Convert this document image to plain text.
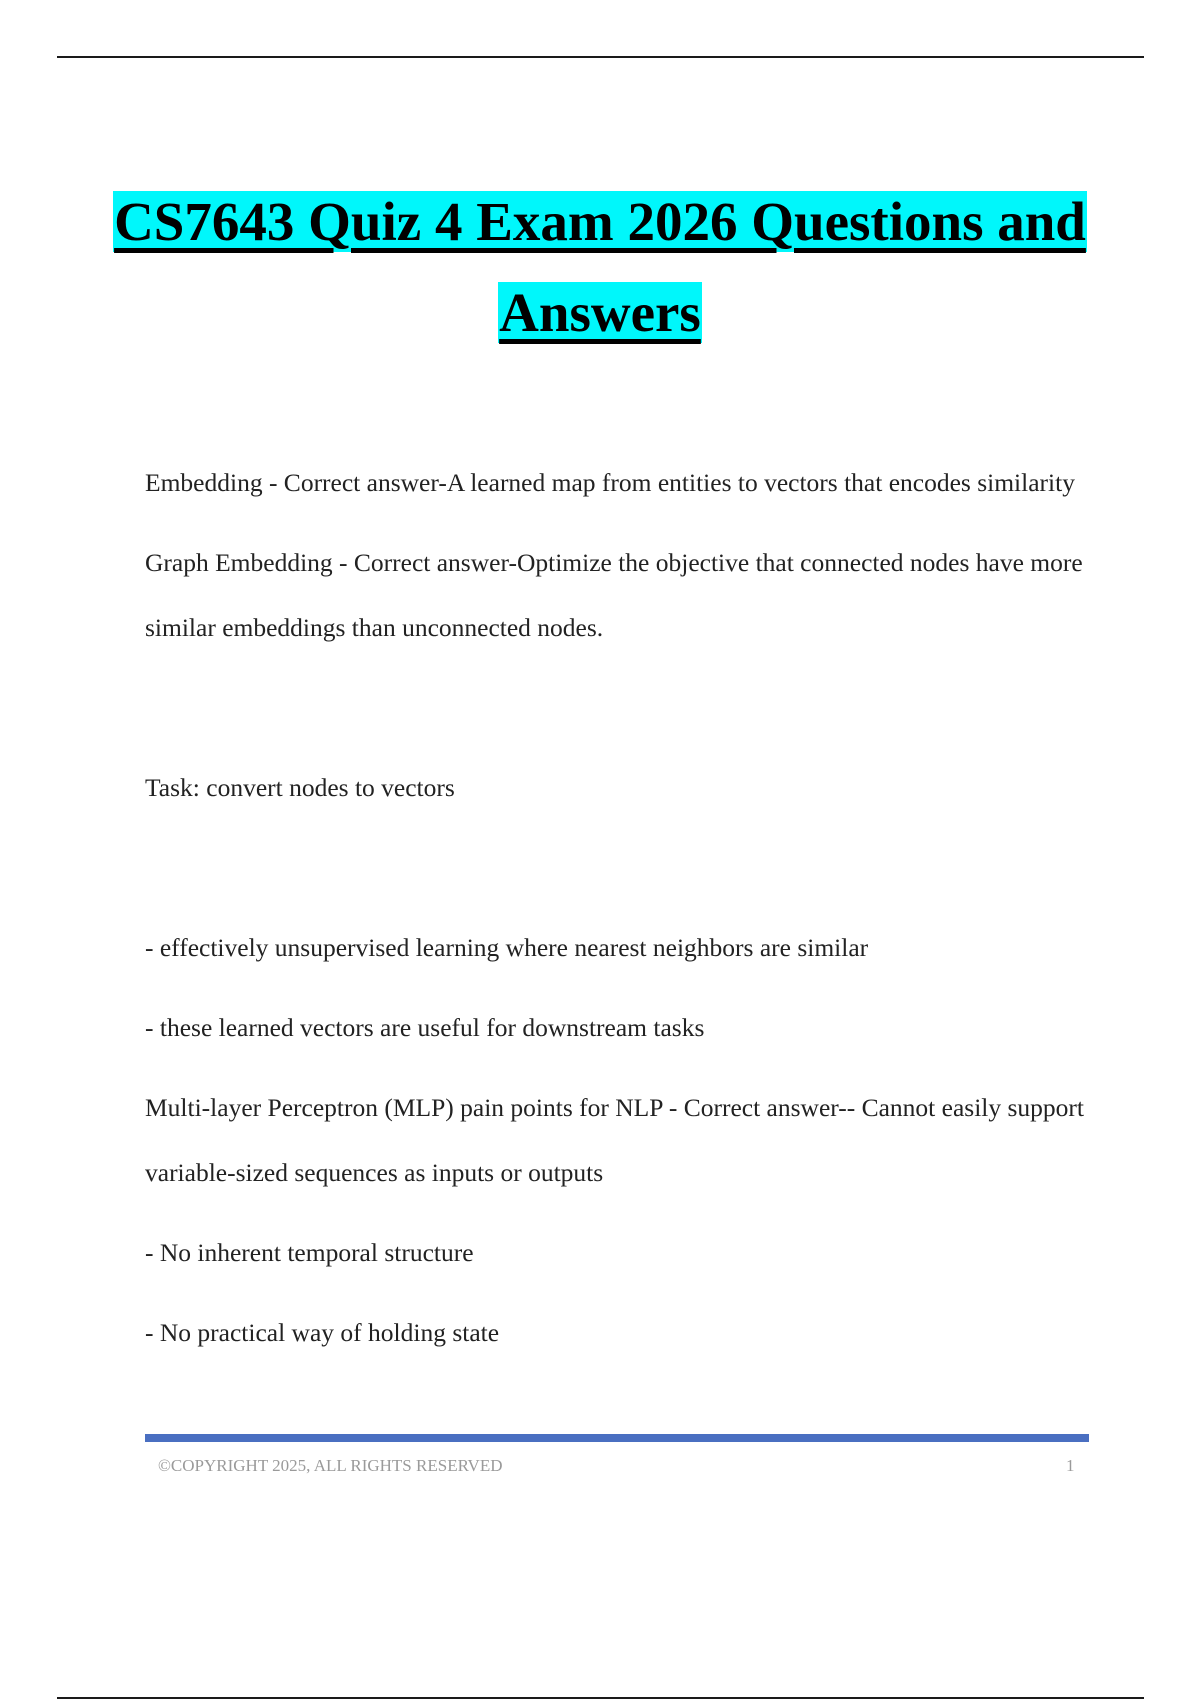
CS7643 Quiz 4 Exam 2026 Questions and
Answers

Embedding - Correct answer-A learned map from entities to vectors that encodes similarity

Graph Embedding - Correct answer-Optimize the objective that connected nodes have more similar embeddings than unconnected nodes.

Task: convert nodes to vectors

- effectively unsupervised learning where nearest neighbors are similar

- these learned vectors are useful for downstream tasks

Multi-layer Perceptron (MLP) pain points for NLP - Correct answer-- Cannot easily support variable-sized sequences as inputs or outputs

- No inherent temporal structure

- No practical way of holding state

©COPYRIGHT 2025, ALL RIGHTS RESERVED	1
